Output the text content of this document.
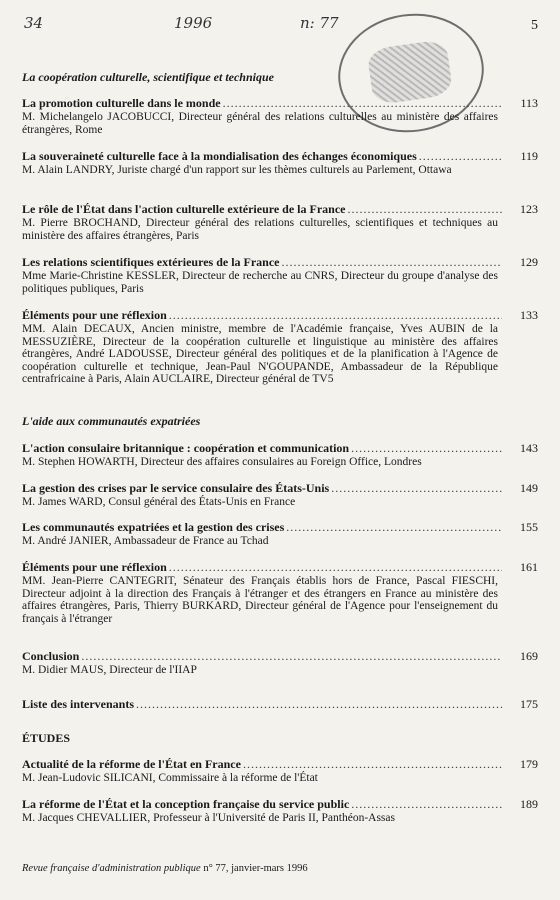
34	1996	n: 77	5
La coopération culturelle, scientifique et technique
La promotion culturelle dans le monde .....	113
M. Michelangelo JACOBUCCI, Directeur général des relations culturelles au ministère des affaires étrangères, Rome
La souveraineté culturelle face à la mondialisation des échanges économiques .....	119
M. Alain LANDRY, Juriste chargé d'un rapport sur les thèmes culturels au Parlement, Ottawa
Le rôle de l'État dans l'action culturelle extérieure de la France .....	123
M. Pierre BROCHAND, Directeur général des relations culturelles, scientifiques et techniques au ministère des affaires étrangères, Paris
Les relations scientifiques extérieures de la France .....	129
Mme Marie-Christine KESSLER, Directeur de recherche au CNRS, Directeur du groupe d'analyse des politiques publiques, Paris
Éléments pour une réflexion .....	133
MM. Alain DECAUX, Ancien ministre, membre de l'Académie française, Yves AUBIN de la MESSUZIÈRE, Directeur de la coopération culturelle et linguistique au ministère des affaires étrangères, André LADOUSSE, Directeur général des politiques et de la planification à l'Agence de coopération culturelle et technique, Jean-Paul N'GOUPANDE, Ambassadeur de la République centrafricaine à Paris, Alain AUCLAIRE, Directeur général de TV5
L'aide aux communautés expatriées
L'action consulaire britannique : coopération et communication .....	143
M. Stephen HOWARTH, Directeur des affaires consulaires au Foreign Office, Londres
La gestion des crises par le service consulaire des États-Unis .....	149
M. James WARD, Consul général des États-Unis en France
Les communautés expatriées et la gestion des crises .....	155
M. André JANIER, Ambassadeur de France au Tchad
Éléments pour une réflexion .....	161
MM. Jean-Pierre CANTEGRIT, Sénateur des Français établis hors de France, Pascal FIESCHI, Directeur adjoint à la direction des Français à l'étranger et des étrangers en France au ministère des affaires étrangères, Paris, Thierry BURKARD, Directeur général de l'Agence pour l'enseignement du français à l'étranger
Conclusion .....	169
M. Didier MAUS, Directeur de l'IIAP
Liste des intervenants .....	175
ÉTUDES
Actualité de la réforme de l'État en France .....	179
M. Jean-Ludovic SILICANI, Commissaire à la réforme de l'État
La réforme de l'État et la conception française du service public .....	189
M. Jacques CHEVALLIER, Professeur à l'Université de Paris II, Panthéon-Assas
Revue française d'administration publique n° 77, janvier-mars 1996
